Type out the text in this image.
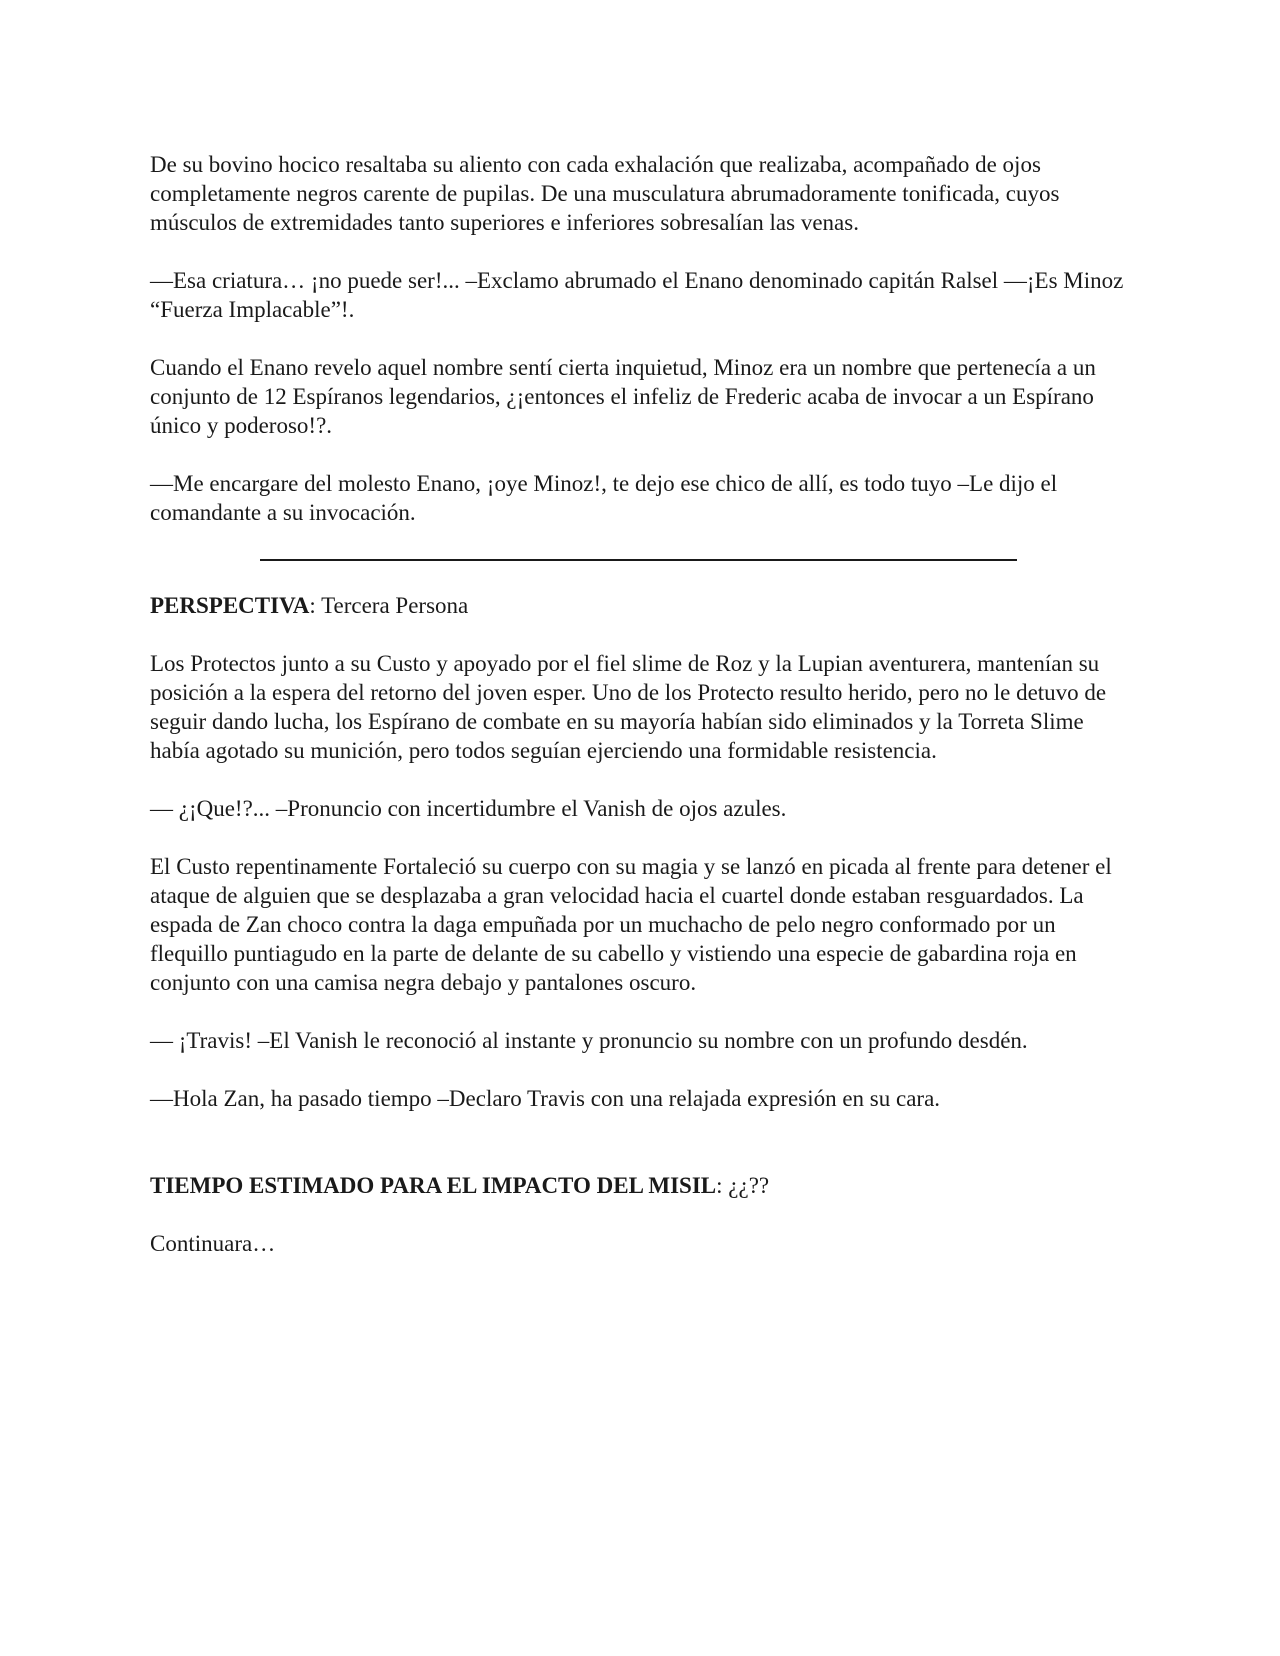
De su bovino hocico resaltaba su aliento con cada exhalación que realizaba, acompañado de ojos completamente negros carente de pupilas. De una musculatura abrumadoramente tonificada, cuyos músculos de extremidades tanto superiores e inferiores sobresalían las venas.

—Esa criatura… ¡no puede ser!... –Exclamo abrumado el Enano denominado capitán Ralsel —¡Es Minoz “Fuerza Implacable”!.

Cuando el Enano revelo aquel nombre sentí cierta inquietud, Minoz era un nombre que pertenecía a un conjunto de 12 Espíranos legendarios, ¿¡entonces el infeliz de Frederic acaba de invocar a un Espírano único y poderoso!?.

—Me encargare del molesto Enano, ¡oye Minoz!, te dejo ese chico de allí, es todo tuyo –Le dijo el comandante a su invocación.

PERSPECTIVA: Tercera Persona

Los Protectos junto a su Custo y apoyado por el fiel slime de Roz y la Lupian aventurera, mantenían su posición a la espera del retorno del joven esper. Uno de los Protecto resulto herido, pero no le detuvo de seguir dando lucha, los Espírano de combate en su mayoría habían sido eliminados y la Torreta Slime había agotado su munición, pero todos seguían ejerciendo una formidable resistencia.

— ¿¡Que!?... –Pronuncio con incertidumbre el Vanish de ojos azules.

El Custo repentinamente Fortaleció su cuerpo con su magia y se lanzó en picada al frente para detener el ataque de alguien que se desplazaba a gran velocidad hacia el cuartel donde estaban resguardados. La espada de Zan choco contra la daga empuñada por un muchacho de pelo negro conformado por un flequillo puntiagudo en la parte de delante de su cabello y vistiendo una especie de gabardina roja en conjunto con una camisa negra debajo y pantalones oscuro.

— ¡Travis! –El Vanish le reconoció al instante y pronuncio su nombre con un profundo desdén.

—Hola Zan, ha pasado tiempo –Declaro Travis con una relajada expresión en su cara.

TIEMPO ESTIMADO PARA EL IMPACTO DEL MISIL: ¿¿??

Continuara…
